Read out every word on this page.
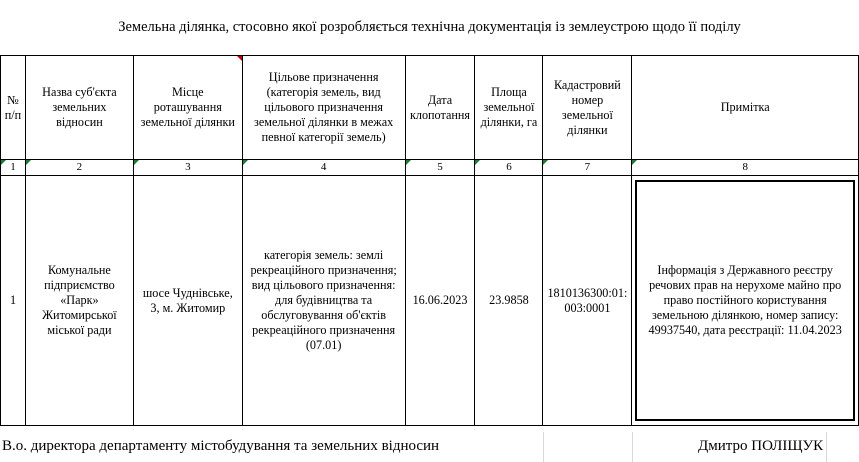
Земельна ділянка, стосовно якої розробляється технічна документація із землеустрою щодо її поділу
№ п/п	Назва суб'єкта земельних відносин	Місце роташування земельної ділянки	Цільове призначення (категорія земель, вид цільового призначення земельної ділянки в межах певної категорії земель)	Дата клопотання	Площа земельної ділянки, га	Кадастровий номер земельної ділянки	Примітка

1	2	3	4	5	6	7	8
1	Комунальне підприємство «Парк» Житомирської міської ради	шосе Чуднівське, 3, м. Житомир	категорія земель: землі рекреаційного призначення; вид цільового призначення: для будівництва та обслуговування об'єктів рекреаційного призначення (07.01)	16.06.2023	23.9858	1810136300:01:003:0001	Інформація з Державного реєстру речових прав на нерухоме майно про право постійного користування земельною ділянкою, номер запису: 49937540, дата реєстрації: 11.04.2023
В.о. директора департаменту містобудування та земельних відносин	Дмитро ПОЛІЩУК
